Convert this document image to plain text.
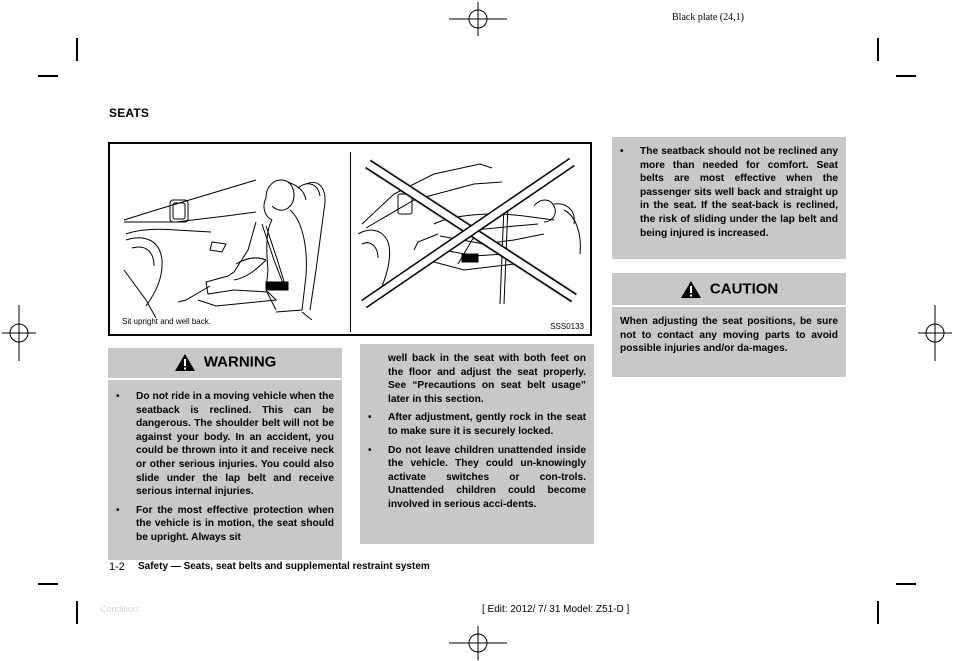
Black plate (24,1)
SEATS
Sit upright and well back.
SSS0133
WARNING
• Do not ride in a moving vehicle when the seatback is reclined. This can be dangerous. The shoulder belt will not be against your body. In an accident, you could be thrown into it and receive neck or other serious injuries. You could also slide under the lap belt and receive serious internal injuries.
• For the most effective protection when the vehicle is in motion, the seat should be upright. Always sit
well back in the seat with both feet on the floor and adjust the seat properly. See “Precautions on seat belt usage” later in this section.
• After adjustment, gently rock in the seat to make sure it is securely locked.
• Do not leave children unattended inside the vehicle. They could un-knowingly activate switches or con-trols. Unattended children could become involved in serious acci-dents.
• The seatback should not be reclined any more than needed for comfort. Seat belts are most effective when the passenger sits well back and straight up in the seat. If the seat-back is reclined, the risk of sliding under the lap belt and being injured is increased.
CAUTION
When adjusting the seat positions, be sure not to contact any moving parts to avoid possible injuries and/or da-mages.
1-2 Safety — Seats, seat belts and supplemental restraint system
Condition:	[ Edit: 2012/ 7/ 31 Model: Z51-D ]
